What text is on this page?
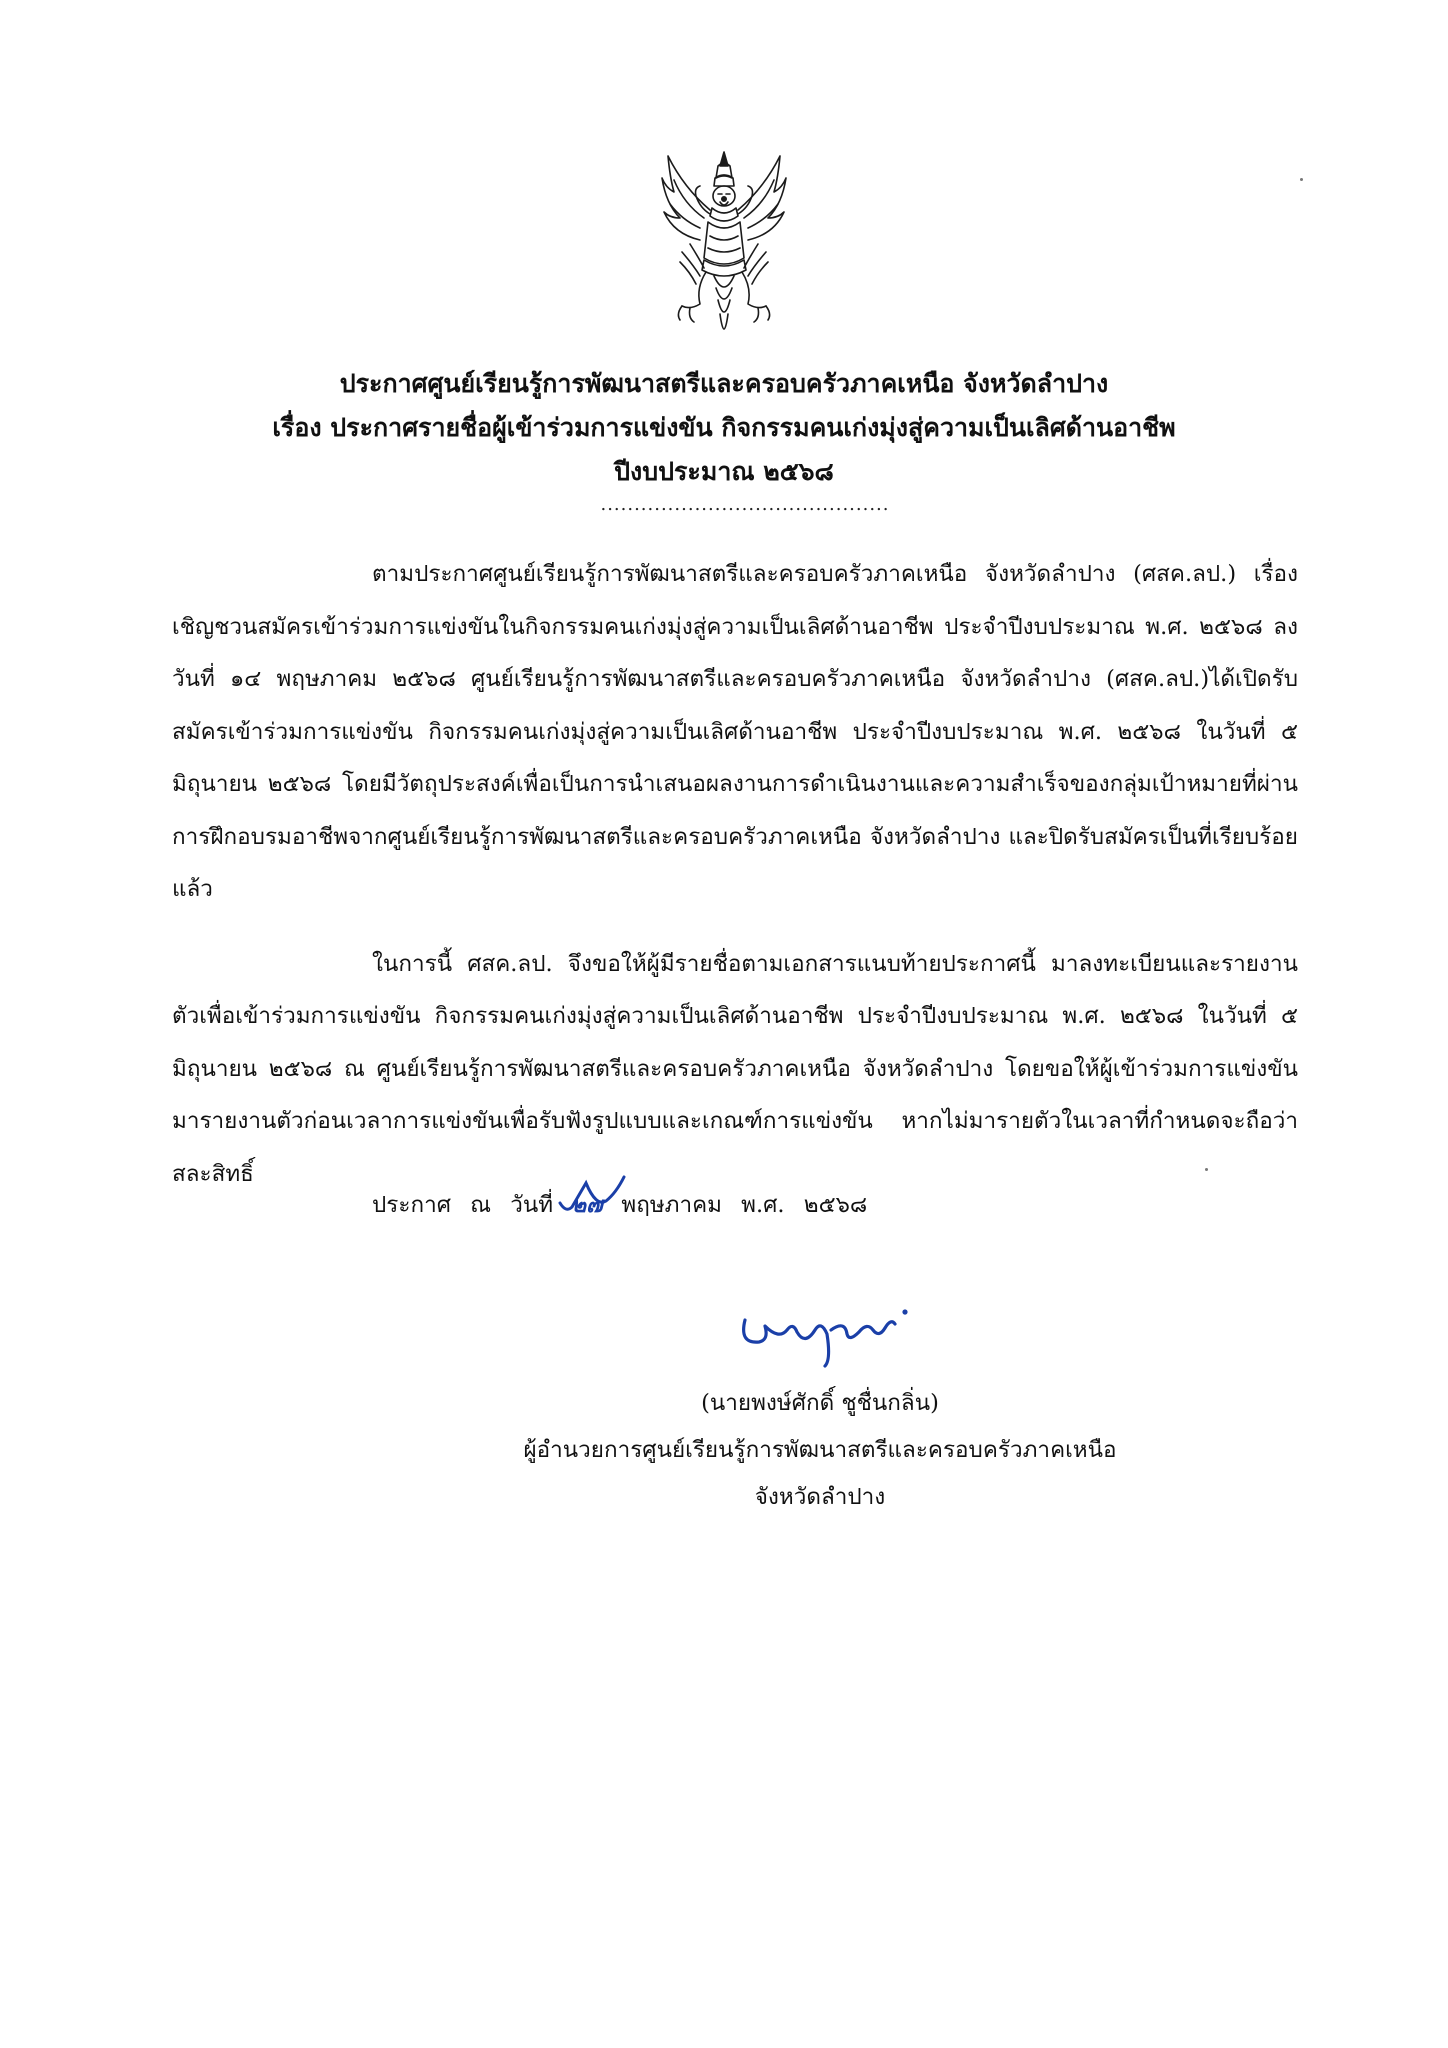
ประกาศศูนย์เรียนรู้การพัฒนาสตรีและครอบครัวภาคเหนือ จังหวัดลำปาง
เรื่อง ประกาศรายชื่อผู้เข้าร่วมการแข่งขัน กิจกรรมคนเก่งมุ่งสู่ความเป็นเลิศด้านอาชีพ
ปีงบประมาณ ๒๕๖๘
...........................................

ตามประกาศศูนย์เรียนรู้การพัฒนาสตรีและครอบครัวภาคเหนือ จังหวัดลำปาง (ศสค.ลป.) เรื่อง เชิญชวนสมัครเข้าร่วมการแข่งขันในกิจกรรมคนเก่งมุ่งสู่ความเป็นเลิศด้านอาชีพ ประจำปีงบประมาณ พ.ศ. ๒๕๖๘ ลงวันที่ ๑๔ พฤษภาคม ๒๕๖๘ ศูนย์เรียนรู้การพัฒนาสตรีและครอบครัวภาคเหนือ จังหวัดลำปาง (ศสค.ลป.)ได้เปิดรับสมัครเข้าร่วมการแข่งขัน กิจกรรมคนเก่งมุ่งสู่ความเป็นเลิศด้านอาชีพ ประจำปีงบประมาณ พ.ศ. ๒๕๖๘ ในวันที่ ๕ มิถุนายน ๒๕๖๘ โดยมีวัตถุประสงค์เพื่อเป็นการนำเสนอผลงานการดำเนินงานและความสำเร็จของกลุ่มเป้าหมายที่ผ่านการฝึกอบรมอาชีพจากศูนย์เรียนรู้การพัฒนาสตรีและครอบครัวภาคเหนือ จังหวัดลำปาง และปิดรับสมัครเป็นที่เรียบร้อยแล้ว

ในการนี้ ศสค.ลป. จึงขอให้ผู้มีรายชื่อตามเอกสารแนบท้ายประกาศนี้ มาลงทะเบียนและรายงานตัวเพื่อเข้าร่วมการแข่งขัน กิจกรรมคนเก่งมุ่งสู่ความเป็นเลิศด้านอาชีพ ประจำปีงบประมาณ พ.ศ. ๒๕๖๘ ในวันที่ ๕ มิถุนายน ๒๕๖๘ ณ ศูนย์เรียนรู้การพัฒนาสตรีและครอบครัวภาคเหนือ จังหวัดลำปาง โดยขอให้ผู้เข้าร่วมการแข่งขัน มารายงานตัวก่อนเวลาการแข่งขันเพื่อรับฟังรูปแบบและเกณฑ์การแข่งขัน หากไม่มารายตัวในเวลาที่กำหนดจะถือว่าสละสิทธิ์

ประกาศ ณ วันที่ ๒๗ พฤษภาคม พ.ศ. ๒๕๖๘
(นายพงษ์ศักดิ์ ชูชื่นกลิ่น)
ผู้อำนวยการศูนย์เรียนรู้การพัฒนาสตรีและครอบครัวภาคเหนือ
จังหวัดลำปาง
